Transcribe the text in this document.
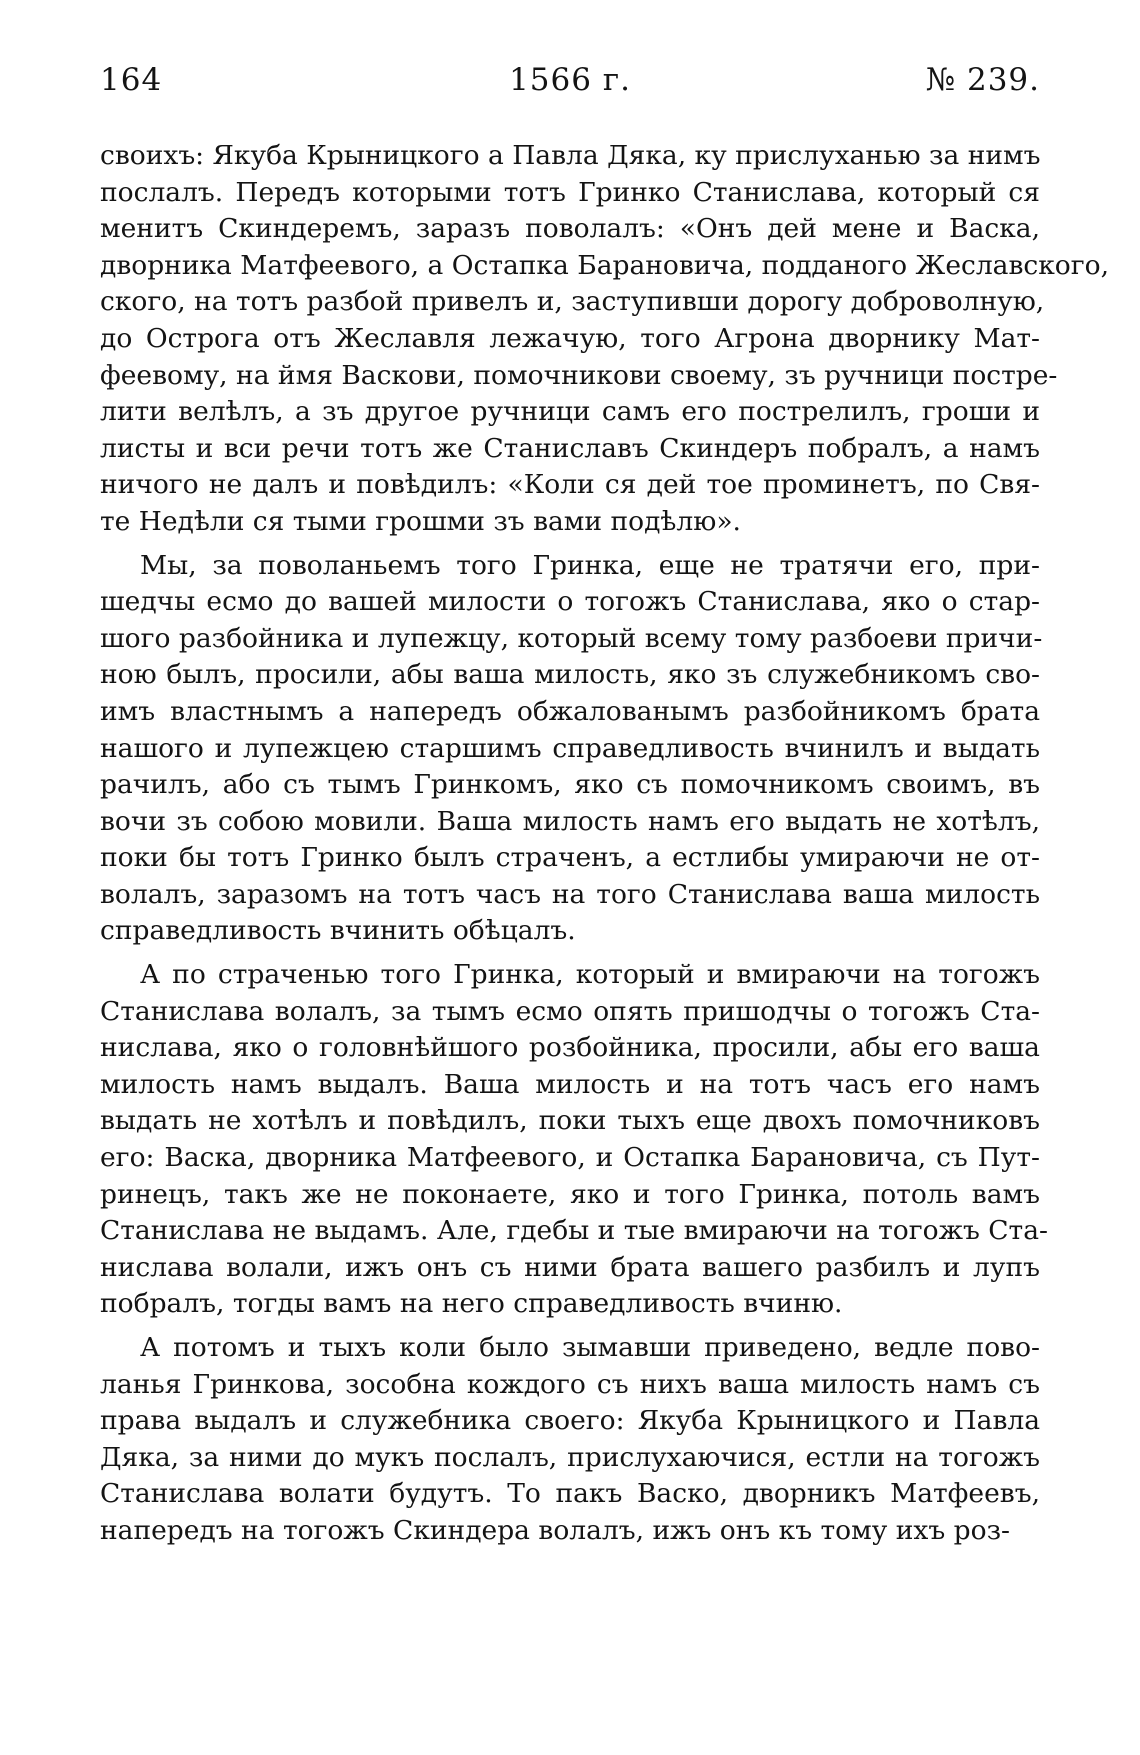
164	1566 г.	№ 239.
своихъ: Якуба Крыницкого а Павла Дяка, ку прислуханью за нимъ
послалъ. Передъ которыми тотъ Гринко Станислава, который ся
менитъ Скиндеремъ, заразъ поволалъ: «Онъ дей мене и Васка,
дворника Матфеевого, а Остапка Барановича, подданого Жеславского,
ского, на тотъ разбой привелъ и, заступивши дорогу доброволную,
до Острога отъ Жеславля лежачую, того Агрона дворнику Мат-
феевому, на ймя Васкови, помочникови своему, зъ ручници постре-
лити велѣлъ, а зъ другое ручници самъ его пострелилъ, гроши и
листы и вси речи тотъ же Станиславъ Скиндеръ побралъ, а намъ
ничого не далъ и повѣдилъ: «Коли ся дей тое проминетъ, по Свя-
те Недѣли ся тыми грошми зъ вами подѣлю».
Мы, за поволаньемъ того Гринка, еще не тратячи его, при-
шедчы есмо до вашей милости о тогожъ Станислава, яко о стар-
шого разбойника и лупежцу, который всему тому разбоеви причи-
ною былъ, просили, абы ваша милость, яко зъ служебникомъ сво-
имъ властнымъ а напередъ обжалованымъ разбойникомъ брата
нашого и лупежцею старшимъ справедливость вчинилъ и выдать
рачилъ, або съ тымъ Гринкомъ, яко съ помочникомъ своимъ, въ
вочи зъ собою мовили. Ваша милость намъ его выдать не хотѣлъ,
поки бы тотъ Гринко былъ страченъ, а естлибы умираючи не от-
волалъ, заразомъ на тотъ часъ на того Станислава ваша милость
справедливость вчинить обѣцалъ.
А по страченью того Гринка, который и вмираючи на тогожъ
Станислава волалъ, за тымъ есмо опять пришодчы о тогожъ Ста-
нислава, яко о головнѣйшого розбойника, просили, абы его ваша
милость намъ выдалъ. Ваша милость и на тотъ часъ его намъ
выдать не хотѣлъ и повѣдилъ, поки тыхъ еще двохъ помочниковъ
его: Васка, дворника Матфеевого, и Остапка Барановича, съ Пут-
ринецъ, такъ же не поконаете, яко и того Гринка, потоль вамъ
Станислава не выдамъ. Але, гдебы и тые вмираючи на тогожъ Ста-
нислава волали, ижъ онъ съ ними брата вашего разбилъ и лупъ
побралъ, тогды вамъ на него справедливость вчиню.
А потомъ и тыхъ коли было зымавши приведено, ведле пово-
ланья Гринкова, зособна кождого съ нихъ ваша милость намъ съ
права выдалъ и служебника своего: Якуба Крыницкого и Павла
Дяка, за ними до мукъ послалъ, прислухаючися, естли на тогожъ
Станислава волати будутъ. То пакъ Васко, дворникъ Матфеевъ,
напередъ на тогожъ Скиндера волалъ, ижъ онъ къ тому ихъ роз-
